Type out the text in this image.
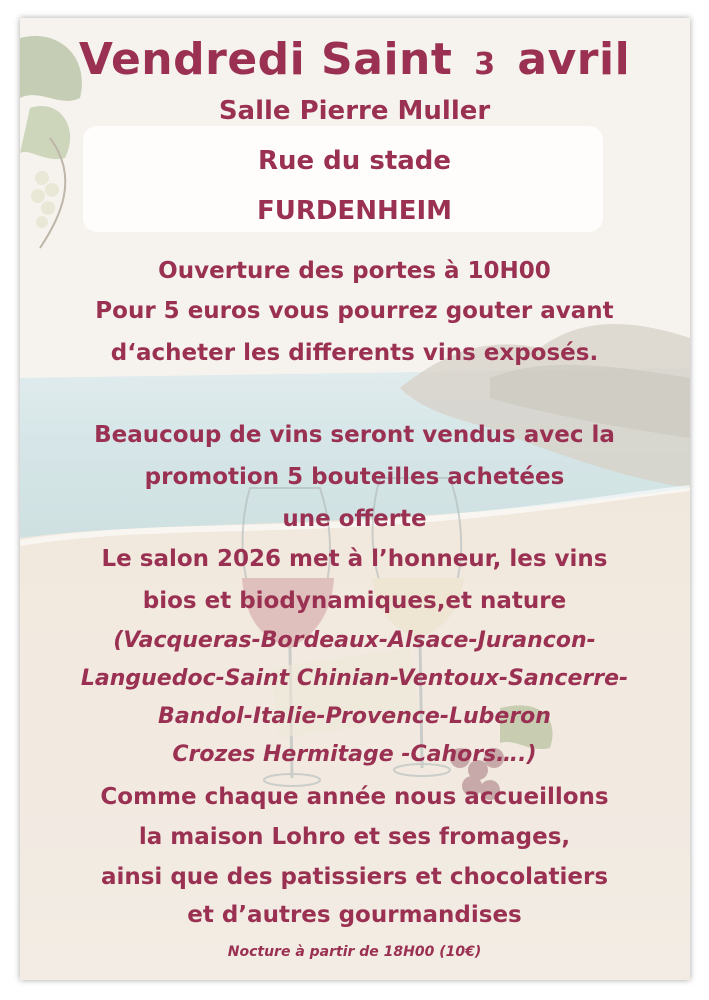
Vendredi Saint 3 avril
Salle Pierre Muller
Rue du stade
FURDENHEIM
Ouverture des portes à 10H00
Pour 5 euros vous pourrez gouter avant
d‘acheter les differents vins exposés.
Beaucoup de vins seront vendus avec la
promotion 5 bouteilles achetées
une offerte
Le salon 2026 met à l’honneur, les vins
bios et biodynamiques,et nature
(Vacqueras-Bordeaux-Alsace-Jurancon-
Languedoc-Saint Chinian-Ventoux-Sancerre-
Bandol-Italie-Provence-Luberon
Crozes Hermitage -Cahors….)
Comme chaque année nous accueillons
la maison Lohro et ses fromages,
ainsi que des patissiers et chocolatiers
et d’autres gourmandises
Nocture à partir de 18H00 (10€)
